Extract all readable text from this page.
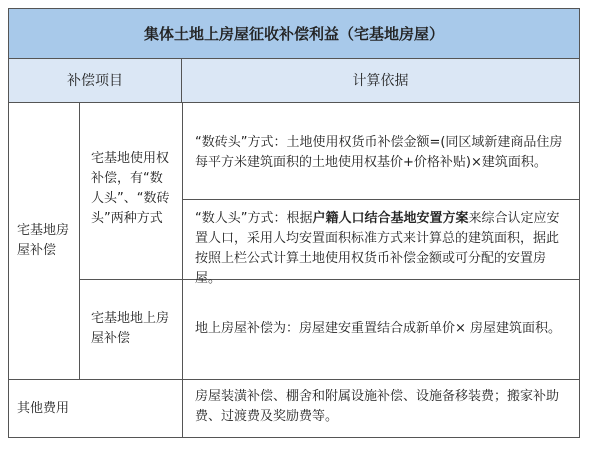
集体土地上房屋征收补偿利益（宅基地房屋）
补偿项目	计算依据
宅基地房屋补偿
宅基地使用权补偿，有“数人头”、“数砖头”两种方式
宅基地地上房屋补偿
“数砖头”方式：土地使用权货币补偿金额=(同区域新建商品住房每平方米建筑面积的土地使用权基价+价格补贴)×建筑面积。
“数人头”方式：根据户籍人口结合基地安置方案来综合认定应安置人口，采用人均安置面积标准方式来计算总的建筑面积，据此按照上栏公式计算土地使用权货币补偿金额或可分配的安置房屋。
地上房屋补偿为：房屋建安重置结合成新单价× 房屋建筑面积。
其他费用
房屋装潢补偿、棚舍和附属设施补偿、设施备移装费；搬家补助费、过渡费及奖励费等。
